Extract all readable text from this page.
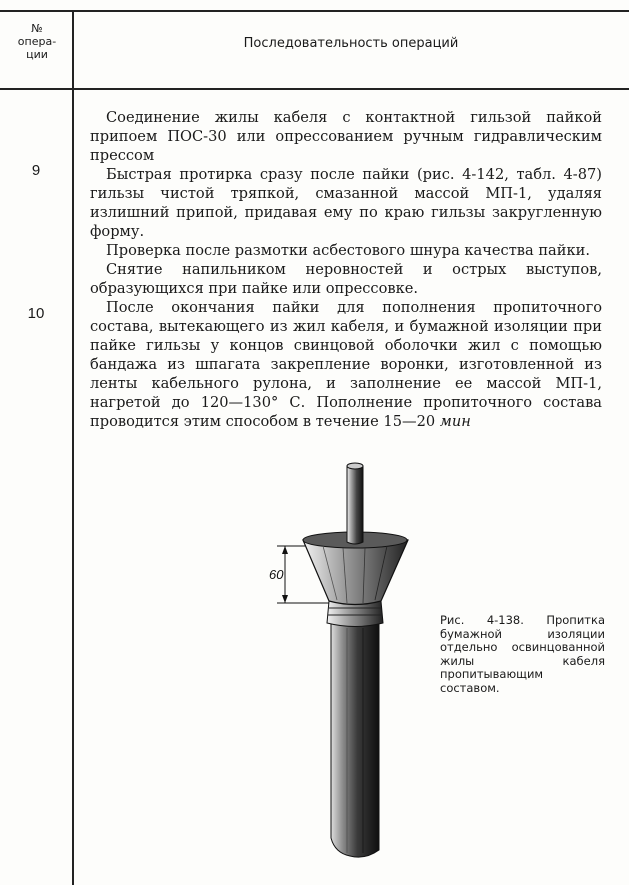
№
опера-
ции
Последовательность операций
9
10

Соединение жилы кабеля с контактной гильзой пайкой припоем ПОС-30 или опрессованием ручным гидравлическим прессом

Быстрая протирка сразу после пайки (рис. 4-142, табл. 4-87) гильзы чистой тряпкой, смазанной массой МП-1, удаляя излишний припой, придавая ему по краю гильзы закругленную форму.

Проверка после размотки асбестового шнура качества пайки.

Снятие напильником неровностей и острых выступов, образующихся при пайке или опрессовке.

После окончания пайки для пополнения пропиточного состава, вытекающего из жил кабеля, и бумажной изоляции при пайке гильзы у концов свинцовой оболочки жил с помощью бандажа из шпагата закрепление воронки, изготовленной из ленты кабельного рулона, и заполнение ее массой МП-1, нагретой до 120—130° С. Пополнение пропиточного состава проводится этим способом в течение 15—20 мин

60
Рис. 4-138. Пропитка бумажной изоляции отдельно освинцованной жилы кабеля пропитывающим составом.
